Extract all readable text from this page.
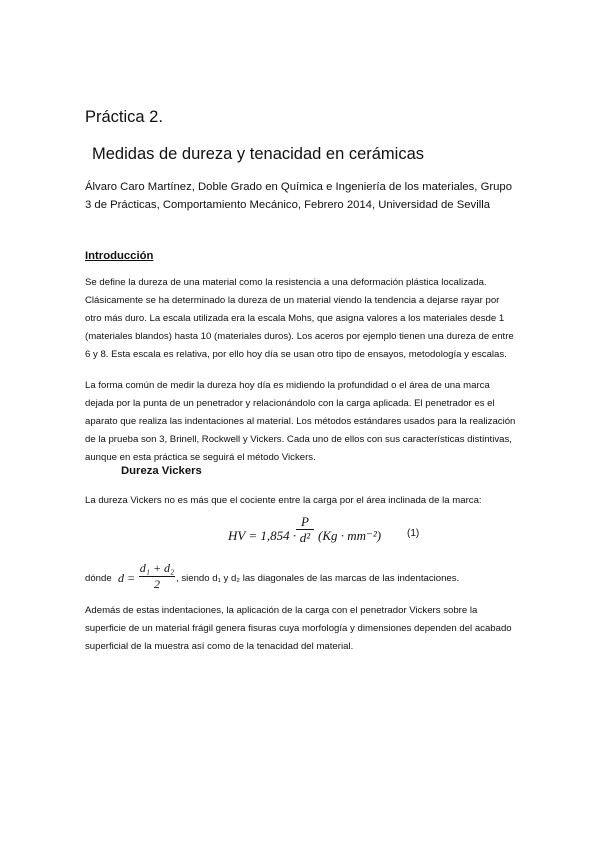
Práctica 2.
Medidas de dureza y tenacidad en cerámicas
Álvaro Caro Martínez, Doble Grado en Química e Ingeniería de los materiales, Grupo 3 de Prácticas, Comportamiento Mecánico, Febrero 2014, Universidad de Sevilla
Introducción
Se define la dureza de una material como la resistencia a una deformación plástica localizada. Clásicamente se ha determinado la dureza de un material viendo la tendencia a dejarse rayar por otro más duro. La escala utilizada era la escala Mohs, que asigna valores a los materiales desde 1 (materiales blandos) hasta 10 (materiales duros). Los aceros por ejemplo tienen una dureza de entre 6 y 8. Esta escala es relativa, por ello hoy día se usan otro tipo de ensayos, metodología y escalas.
La forma común de medir la dureza hoy día es midiendo la profundidad o el área de una marca dejada por la punta de un penetrador y relacionándolo con la carga aplicada. El penetrador es el aparato que realiza las indentaciones al material. Los métodos estándares usados para la realización de la prueba son 3, Brinell, Rockwell y Vickers. Cada uno de ellos con sus características distintivas, aunque en esta práctica se seguirá el método Vickers.
Dureza Vickers
La dureza Vickers no es más que el cociente entre la carga por el área inclinada de la marca:
HV = 1,854 ·
P
d² (Kg · mm⁻²)	(1)
dónde d =
d₁ + d₂
2	, siendo d₁ y d₂ las diagonales de las marcas de las indentaciones.
Además de estas indentaciones, la aplicación de la carga con el penetrador Vickers sobre la superficie de un material frágil genera fisuras cuya morfología y dimensiones dependen del acabado superficial de la muestra así como de la tenacidad del material.
